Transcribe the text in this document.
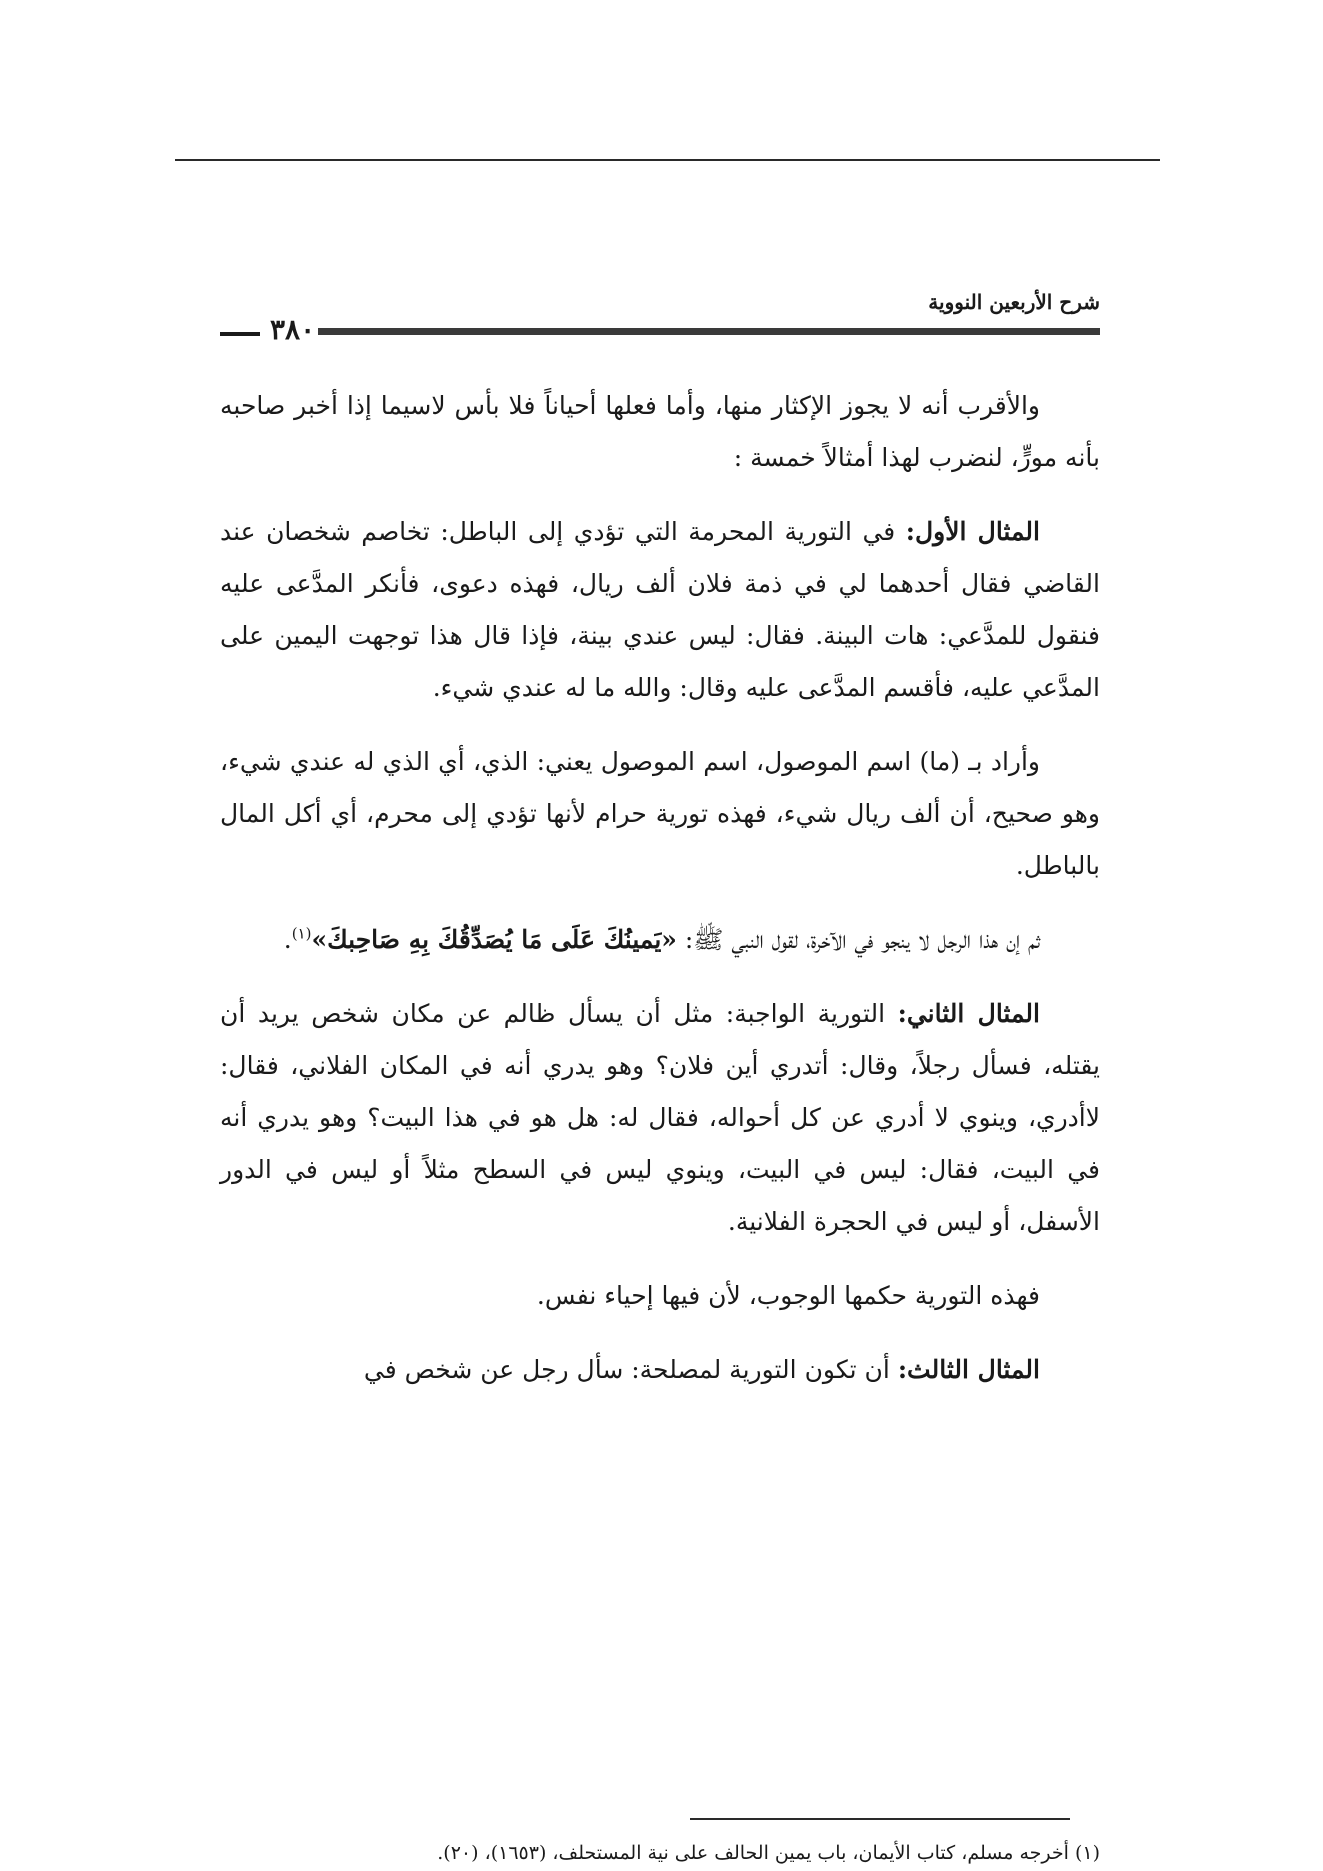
شرح الأربعين النووية
٣٨٠

والأقرب أنه لا يجوز الإكثار منها، وأما فعلها أحياناً فلا بأس لاسيما إذا أخبر صاحبه بأنه مورٍّ، لنضرب لهذا أمثالاً خمسة :

المثال الأول: في التورية المحرمة التي تؤدي إلى الباطل: تخاصم شخصان عند القاضي فقال أحدهما لي في ذمة فلان ألف ريال، فهذه دعوى، فأنكر المدَّعى عليه فنقول للمدَّعي: هات البينة. فقال: ليس عندي بينة، فإذا قال هذا توجهت اليمين على المدَّعي عليه، فأقسم المدَّعى عليه وقال: والله ما له عندي شيء.

وأراد بـ (ما) اسم الموصول، اسم الموصول يعني: الذي، أي الذي له عندي شيء، وهو صحيح، أن ألف ريال شيء، فهذه تورية حرام لأنها تؤدي إلى محرم، أي أكل المال بالباطل.

ثم إن هذا الرجل لا ينجو في الآخرة، لقول النبي ﷺ: «يَمينُكَ عَلَى مَا يُصَدِّقُكَ بِهِ صَاحِبكَ»$^{(١)}$.

المثال الثاني: التورية الواجبة: مثل أن يسأل ظالم عن مكان شخص يريد أن يقتله، فسأل رجلاً، وقال: أتدري أين فلان؟ وهو يدري أنه في المكان الفلاني، فقال: لاأدري، وينوي لا أدري عن كل أحواله، فقال له: هل هو في هذا البيت؟ وهو يدري أنه في البيت، فقال: ليس في البيت، وينوي ليس في السطح مثلاً أو ليس في الدور الأسفل، أو ليس في الحجرة الفلانية.

فهذه التورية حكمها الوجوب، لأن فيها إحياء نفس.

المثال الثالث: أن تكون التورية لمصلحة: سأل رجل عن شخص في

(١) أخرجه مسلم، كتاب الأيمان، باب يمين الحالف على نية المستحلف، (١٦٥٣)، (٢٠).
